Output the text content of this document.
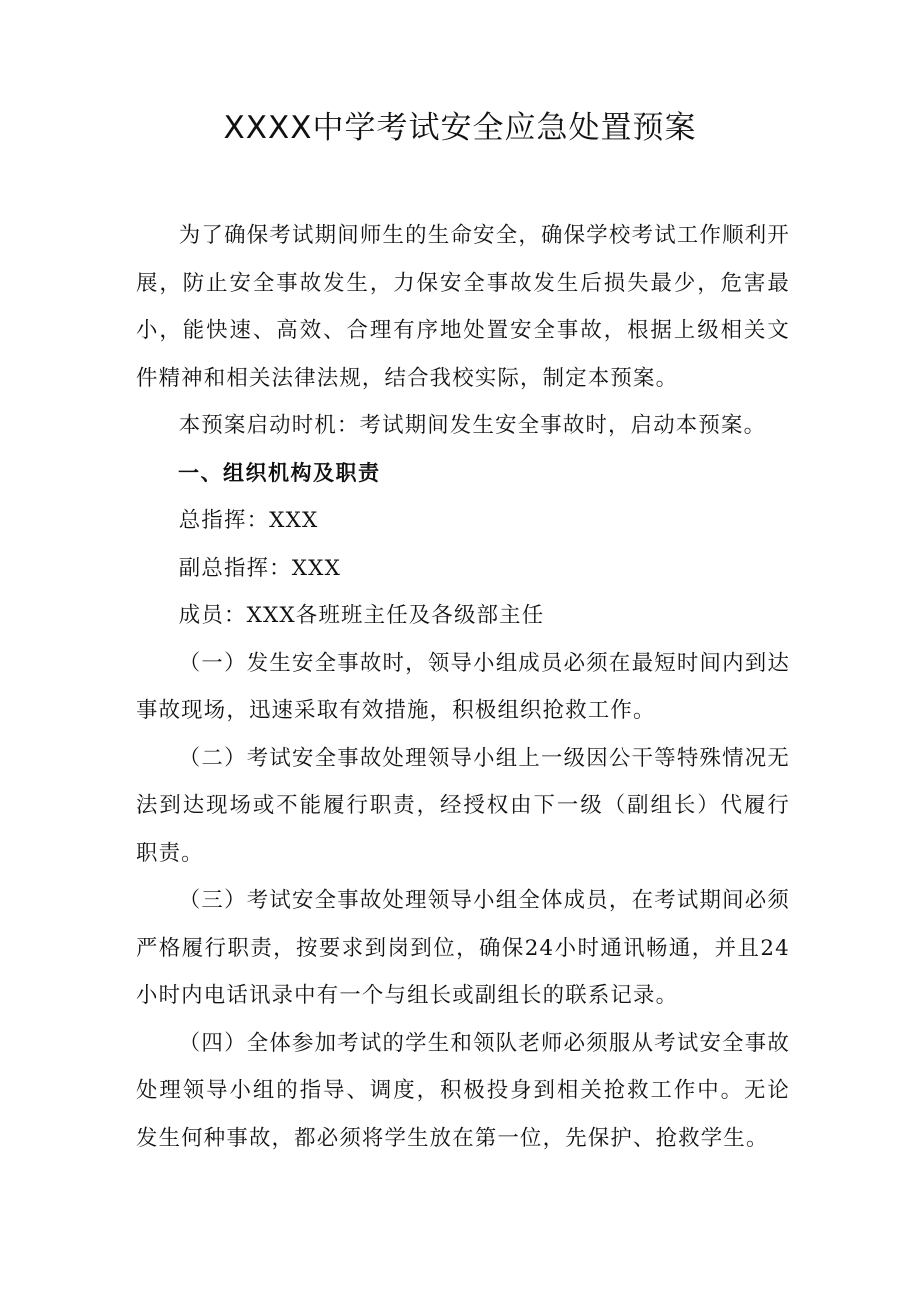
XXXX中学考试安全应急处置预案

为了确保考试期间师生的生命安全，确保学校考试工作顺利开展，防止安全事故发生，力保安全事故发生后损失最少，危害最小，能快速、高效、合理有序地处置安全事故，根据上级相关文件精神和相关法律法规，结合我校实际，制定本预案。

本预案启动时机：考试期间发生安全事故时，启动本预案。

一、组织机构及职责

总指挥：XXX

副总指挥：XXX

成员：XXX各班班主任及各级部主任

（一）发生安全事故时，领导小组成员必须在最短时间内到达事故现场，迅速采取有效措施，积极组织抢救工作。

（二）考试安全事故处理领导小组上一级因公干等特殊情况无法到达现场或不能履行职责，经授权由下一级（副组长）代履行职责。

（三）考试安全事故处理领导小组全体成员，在考试期间必须严格履行职责，按要求到岗到位，确保24小时通讯畅通，并且24小时内电话讯录中有一个与组长或副组长的联系记录。

（四）全体参加考试的学生和领队老师必须服从考试安全事故处理领导小组的指导、调度，积极投身到相关抢救工作中。无论发生何种事故，都必须将学生放在第一位，先保护、抢救学生。
